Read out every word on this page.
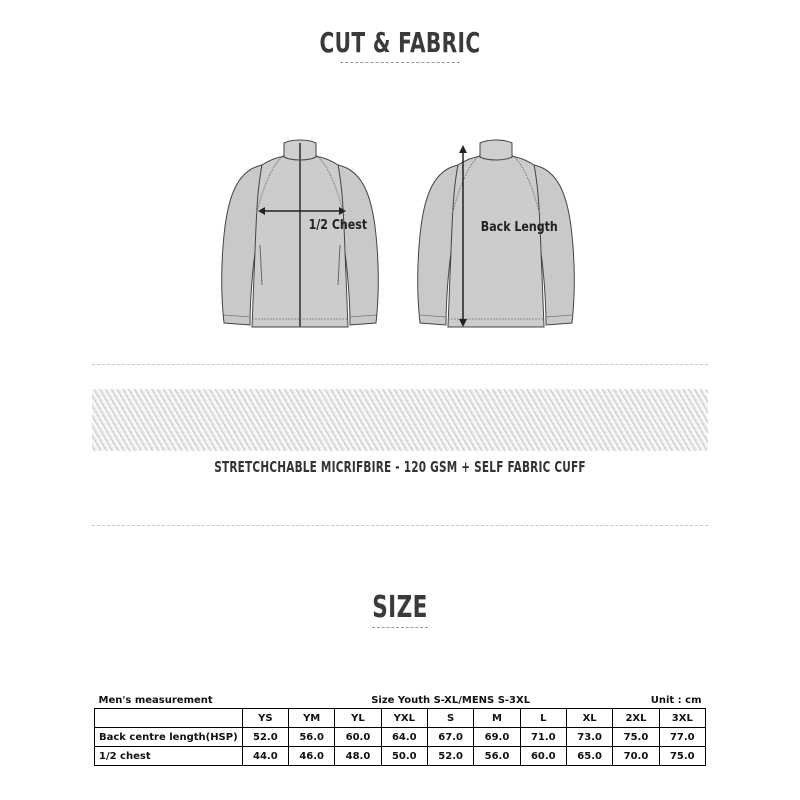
CUT & FABRIC
1/2 Chest	Back Length
STRETCHCHABLE MICRIFBIRE - 120 GSM + SELF FABRIC CUFF
SIZE
Men's measurement			Size Youth S-XL/MENS S-3XL					Unit : cm		
	YS	YM	YL	YXL	S	M	L	XL	2XL	3XL
Back centre length(HSP)	52.0	56.0	60.0	64.0	67.0	69.0	71.0	73.0	75.0	77.0
1/2 chest	44.0	46.0	48.0	50.0	52.0	56.0	60.0	65.0	70.0	75.0
